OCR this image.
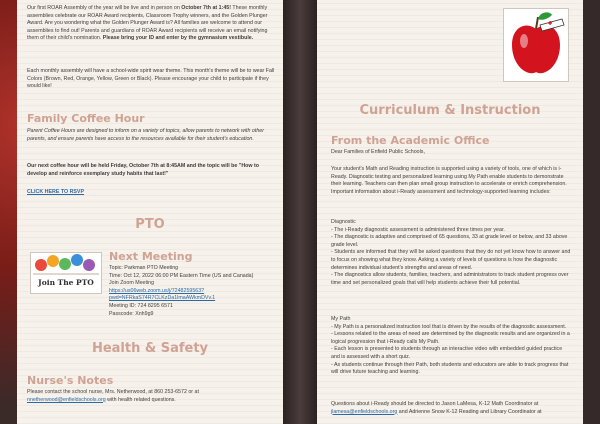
Our first ROAR Assembly of the year will be live and in person on October 7th at 1:45! These monthly assemblies celebrate our ROAR Award recipients, Classroom Trophy winners, and the Golden Plunger Award. Are you wondering what the Golden Plunger Award is? All families are welcome to attend our assemblies to find out! Parents and guardians of ROAR Award recipients will receive an email notifying them of their child's nomination. Please bring your ID and enter by the gymnasium vestibule.

Each monthly assembly will have a school-wide spirit wear theme. This month's theme will be to wear Fall Colors (Brown, Red, Orange, Yellow, Green or Black). Please encourage your child to participate if they would like!

Family Coffee Hour

Parent Coffee Hours are designed to inform on a variety of topics, allow parents to network with other parents, and ensure parents have access to the resources available for their student's education.

Our next coffee hour will be held Friday, October 7th at 8:45AM and the topic will be "How to develop and reinforce exemplary study habits that last!"

CLICK HERE TO RSVP
PTO
Join The PTO
Next Meeting
Topic: Parkman PTO Meeting
Time: Oct 12, 2022 06:00 PM Eastern Time (US and Canada)
Join Zoom Meeting
https://us06web.zoom.us/j/7248259563?
pwd=NFRkaS74R7CLKzDa1lmaAWkmDVv.1
Meeting ID: 724 8295 6571
Passcode: Xnh9g9
Health & Safety
Nurse's Notes

Please contact the school nurse, Mrs. Netherwood, at 860 253-6572 or at
nnetherwood@enfieldschools.org with health related questions.

Curriculum & Instruction
From the Academic Office

Dear Families of Enfield Public Schools,

Your student's Math and Reading instruction is supported using a variety of tools, one of which is i-Ready. Diagnostic testing and personalized learning using My Path enable students to demonstrate their learning. Teachers can then plan small group instruction to accelerate or enrich comprehension. Important information about i-Ready assessment and technology-supported learning includes:

Diagnostic
- The i-Ready diagnostic assessment is administered three times per year.
- The diagnostic is adaptive and comprised of 65 questions, 33 at grade level or below, and 33 above grade level.
- Students are informed that they will be asked questions that they do not yet know how to answer and to focus on showing what they know. Asking a variety of levels of questions is how the diagnostic determines individual student's strengths and areas of need.
- The diagnostics allow students, families, teachers, and administrators to track student progress over time and set personalized goals that will help students achieve their full potential.
My Path
- My Path is a personalized instruction tool that is driven by the results of the diagnostic assessment.
- Lessons related to the areas of need are determined by the diagnostic results and are organized in a logical progression that i-Ready calls My Path.
- Each lesson is presented to students through an interactive video with embedded guided practice and is assessed with a short quiz.
- As students continue through their Path, both students and educators are able to track progress that will drive future teaching and learning.

Questions about i-Ready should be directed to Jason LaMesa, K-12 Math Coordinator at jlamesa@enfieldschools.org and Adrienne Snow K-12 Reading and Library Coordinator at
